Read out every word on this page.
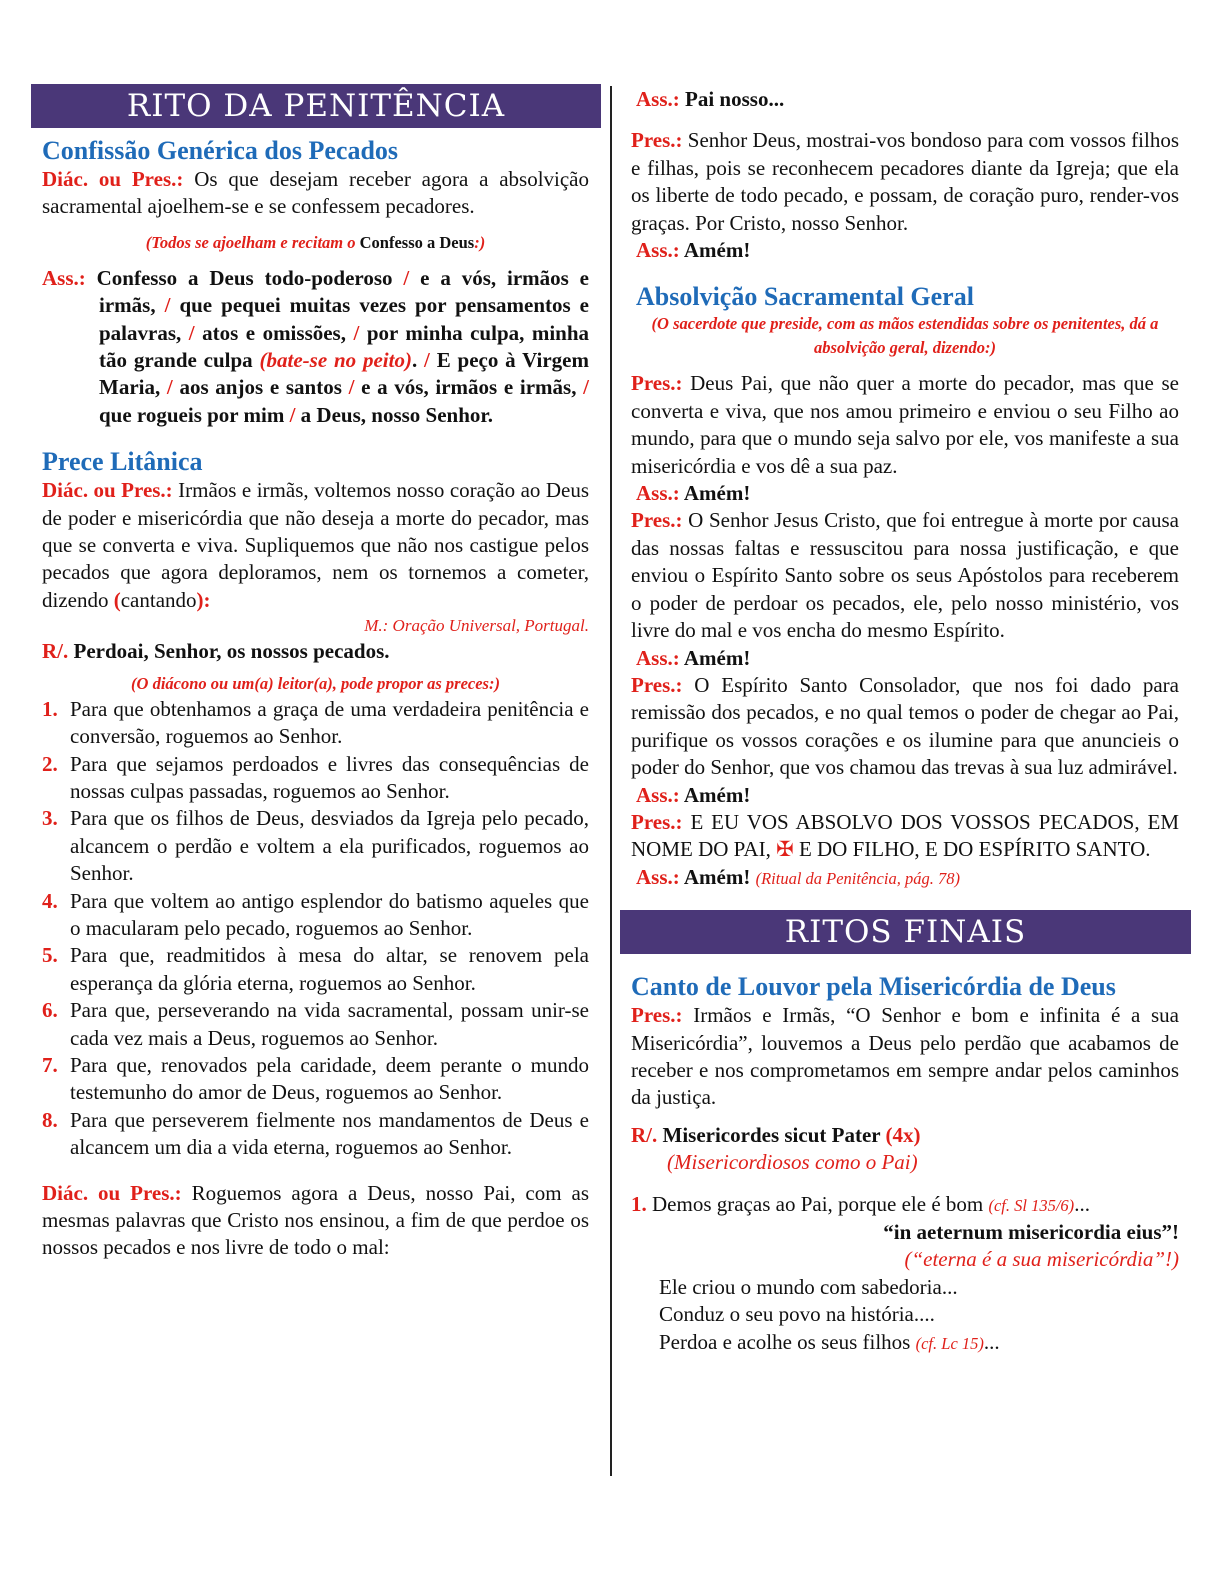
RITO DA PENITÊNCIA
Confissão Genérica dos Pecados

Diác. ou Pres.: Os que desejam receber agora a absolvição sacramental ajoelhem-se e se confessem pecadores.

(Todos se ajoelham e recitam o Confesso a Deus:)

Ass.: Confesso a Deus todo-poderoso / e a vós, irmãos e irmãs, / que pequei muitas vezes por pensamentos e palavras, / atos e omissões, / por minha culpa, minha tão grande culpa (bate-se no peito). / E peço à Virgem Maria, / aos anjos e santos / e a vós, irmãos e irmãs, / que rogueis por mim / a Deus, nosso Senhor.

Prece Litânica

Diác. ou Pres.: Irmãos e irmãs, voltemos nosso coração ao Deus de poder e misericórdia que não deseja a morte do pecador, mas que se converta e viva. Supliquemos que não nos castigue pelos pecados que agora deploramos, nem os tornemos a cometer, dizendo (cantando):

M.: Oração Universal, Portugal.

R/. Perdoai, Senhor, os nossos pecados.

(O diácono ou um(a) leitor(a), pode propor as preces:)

1. Para que obtenhamos a graça de uma verdadeira penitência e conversão, roguemos ao Senhor.
2. Para que sejamos perdoados e livres das consequências de nossas culpas passadas, roguemos ao Senhor.
3. Para que os filhos de Deus, desviados da Igreja pelo pecado, alcancem o perdão e voltem a ela purificados, roguemos ao Senhor.
4. Para que voltem ao antigo esplendor do batismo aqueles que o macularam pelo pecado, roguemos ao Senhor.
5. Para que, readmitidos à mesa do altar, se renovem pela esperança da glória eterna, roguemos ao Senhor.
6. Para que, perseverando na vida sacramental, possam unir-se cada vez mais a Deus, roguemos ao Senhor.
7. Para que, renovados pela caridade, deem perante o mundo testemunho do amor de Deus, roguemos ao Senhor.
8. Para que perseverem fielmente nos mandamentos de Deus e alcancem um dia a vida eterna, roguemos ao Senhor.

Diác. ou Pres.: Roguemos agora a Deus, nosso Pai, com as mesmas palavras que Cristo nos ensinou, a fim de que perdoe os nossos pecados e nos livre de todo o mal:

Ass.: Pai nosso...

Pres.: Senhor Deus, mostrai-vos bondoso para com vossos filhos e filhas, pois se reconhecem pecadores diante da Igreja; que ela os liberte de todo pecado, e possam, de coração puro, render-vos graças. Por Cristo, nosso Senhor.

Ass.: Amém!

Absolvição Sacramental Geral

(O sacerdote que preside, com as mãos estendidas sobre os penitentes, dá a absolvição geral, dizendo:)

Pres.: Deus Pai, que não quer a morte do pecador, mas que se converta e viva, que nos amou primeiro e enviou o seu Filho ao mundo, para que o mundo seja salvo por ele, vos manifeste a sua misericórdia e vos dê a sua paz.

Ass.: Amém!

Pres.: O Senhor Jesus Cristo, que foi entregue à morte por causa das nossas faltas e ressuscitou para nossa justificação, e que enviou o Espírito Santo sobre os seus Apóstolos para receberem o poder de perdoar os pecados, ele, pelo nosso ministério, vos livre do mal e vos encha do mesmo Espírito.

Ass.: Amém!

Pres.: O Espírito Santo Consolador, que nos foi dado para remissão dos pecados, e no qual temos o poder de chegar ao Pai, purifique os vossos corações e os ilumine para que anuncieis o poder do Senhor, que vos chamou das trevas à sua luz admirável.

Ass.: Amém!

Pres.: E EU VOS ABSOLVO DOS VOSSOS PECADOS, EM NOME DO PAI, ✠ E DO FILHO, E DO ESPÍRITO SANTO.

Ass.: Amém! (Ritual da Penitência, pág. 78)

RITOS FINAIS
Canto de Louvor pela Misericórdia de Deus

Pres.: Irmãos e Irmãs, “O Senhor e bom e infinita é a sua Misericórdia”, louvemos a Deus pelo perdão que acabamos de receber e nos comprometamos em sempre andar pelos caminhos da justiça.

R/. Misericordes sicut Pater (4x)

(Misericordiosos como o Pai)

1. Demos graças ao Pai, porque ele é bom (cf. Sl 135/6)...

“in aeternum misericordia eius”!

(“eterna é a sua misericórdia”!)

Ele criou o mundo com sabedoria...

Conduz o seu povo na história....

Perdoa e acolhe os seus filhos (cf. Lc 15)...
